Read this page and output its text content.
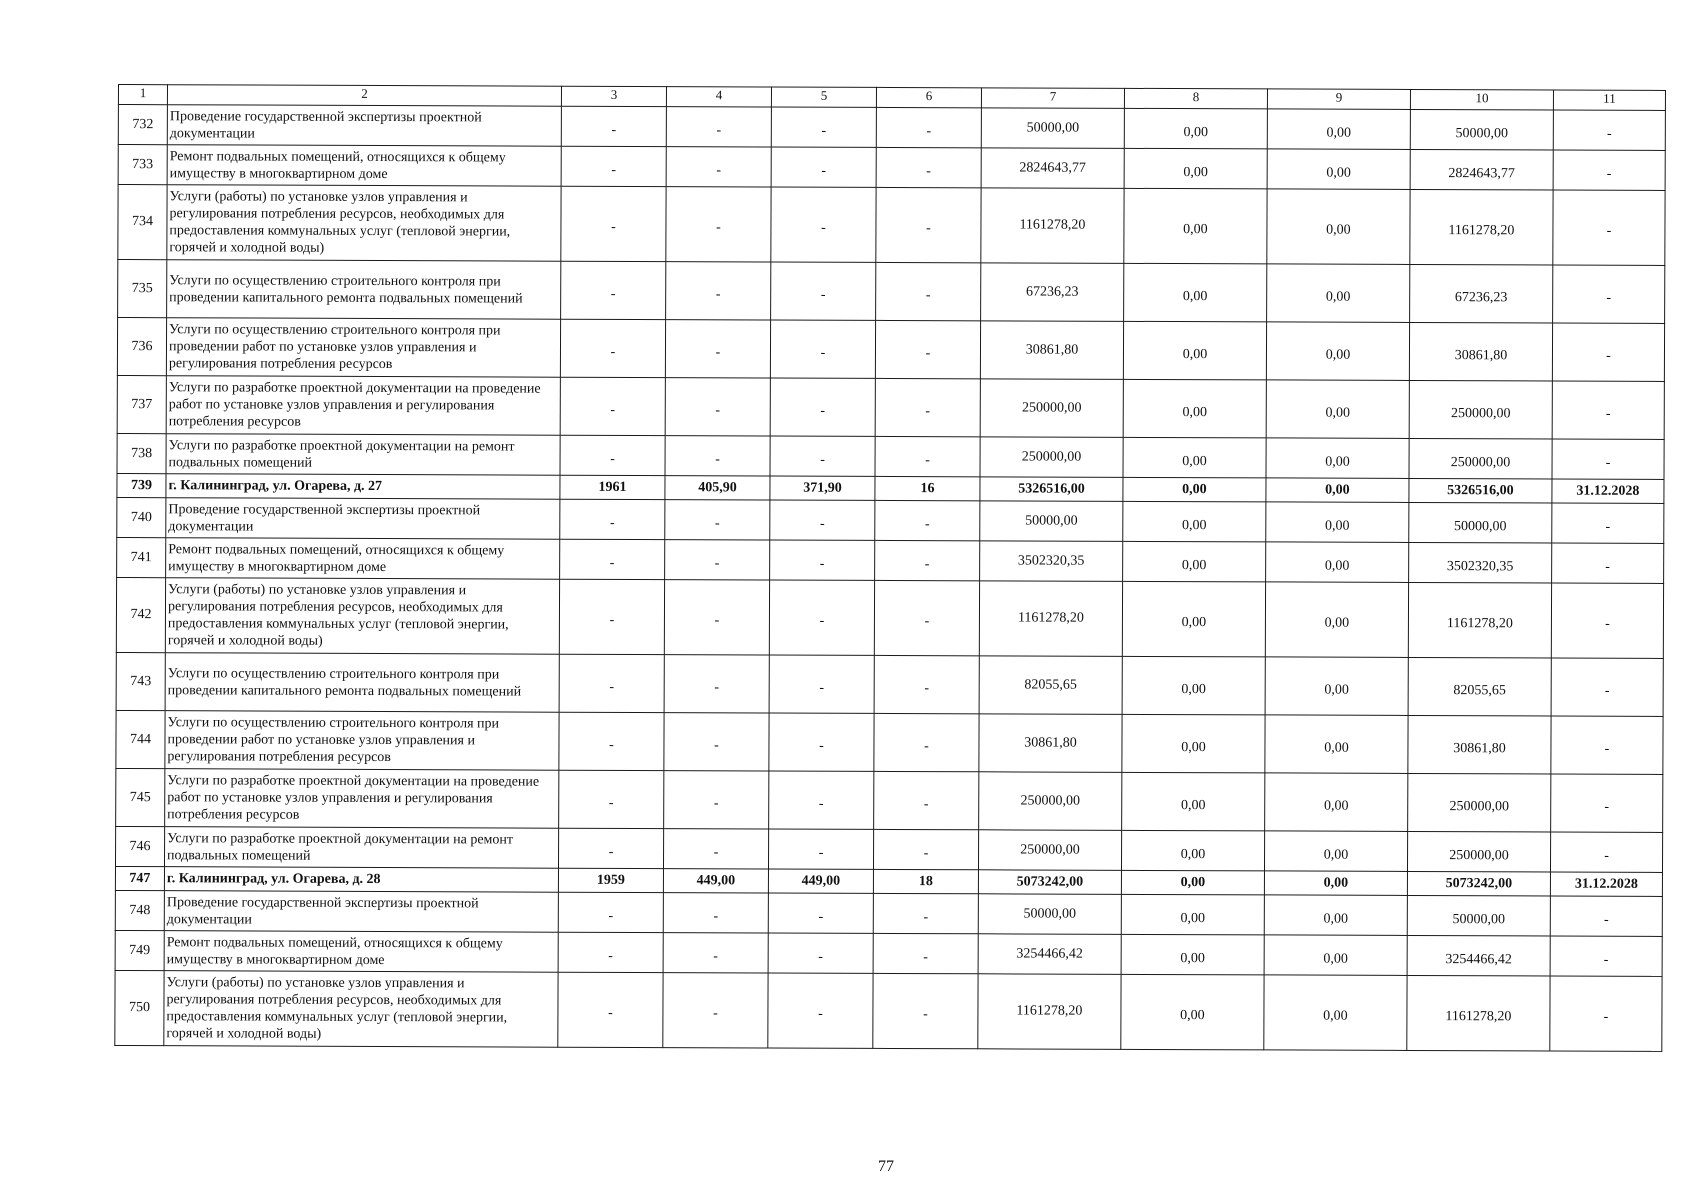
1	2	3	4	5	6	7	8	9	10	11
732	Проведение государственной экспертизы проектной документации	-	-	-	-	50000,00	0,00	0,00	50000,00	-
733	Ремонт подвальных помещений, относящихся к общему имуществу в многоквартирном доме	-	-	-	-	2824643,77	0,00	0,00	2824643,77	-
734	Услуги (работы) по установке узлов управления и регулирования потребления ресурсов, необходимых для предоставления коммунальных услуг (тепловой энергии, горячей и холодной воды)	-	-	-	-	1161278,20	0,00	0,00	1161278,20	-
735	Услуги по осуществлению строительного контроля при проведении капитального ремонта подвальных помещений	-	-	-	-	67236,23	0,00	0,00	67236,23	-
736	Услуги по осуществлению строительного контроля при проведении работ по установке узлов управления и регулирования потребления ресурсов	-	-	-	-	30861,80	0,00	0,00	30861,80	-
737	Услуги по разработке проектной документации на проведение работ по установке узлов управления и регулирования потребления ресурсов	-	-	-	-	250000,00	0,00	0,00	250000,00	-
738	Услуги по разработке проектной документации на ремонт подвальных помещений	-	-	-	-	250000,00	0,00	0,00	250000,00	-
739	г. Калининград, ул. Огарева, д. 27	1961	405,90	371,90	16	5326516,00	0,00	0,00	5326516,00	31.12.2028
740	Проведение государственной экспертизы проектной документации	-	-	-	-	50000,00	0,00	0,00	50000,00	-
741	Ремонт подвальных помещений, относящихся к общему имуществу в многоквартирном доме	-	-	-	-	3502320,35	0,00	0,00	3502320,35	-
742	Услуги (работы) по установке узлов управления и регулирования потребления ресурсов, необходимых для предоставления коммунальных услуг (тепловой энергии, горячей и холодной воды)	-	-	-	-	1161278,20	0,00	0,00	1161278,20	-
743	Услуги по осуществлению строительного контроля при проведении капитального ремонта подвальных помещений	-	-	-	-	82055,65	0,00	0,00	82055,65	-
744	Услуги по осуществлению строительного контроля при проведении работ по установке узлов управления и регулирования потребления ресурсов	-	-	-	-	30861,80	0,00	0,00	30861,80	-
745	Услуги по разработке проектной документации на проведение работ по установке узлов управления и регулирования потребления ресурсов	-	-	-	-	250000,00	0,00	0,00	250000,00	-
746	Услуги по разработке проектной документации на ремонт подвальных помещений	-	-	-	-	250000,00	0,00	0,00	250000,00	-
747	г. Калининград, ул. Огарева, д. 28	1959	449,00	449,00	18	5073242,00	0,00	0,00	5073242,00	31.12.2028
748	Проведение государственной экспертизы проектной документации	-	-	-	-	50000,00	0,00	0,00	50000,00	-
749	Ремонт подвальных помещений, относящихся к общему имуществу в многоквартирном доме	-	-	-	-	3254466,42	0,00	0,00	3254466,42	-
750	Услуги (работы) по установке узлов управления и регулирования потребления ресурсов, необходимых для предоставления коммунальных услуг (тепловой энергии, горячей и холодной воды)	-	-	-	-	1161278,20	0,00	0,00	1161278,20	-
77
